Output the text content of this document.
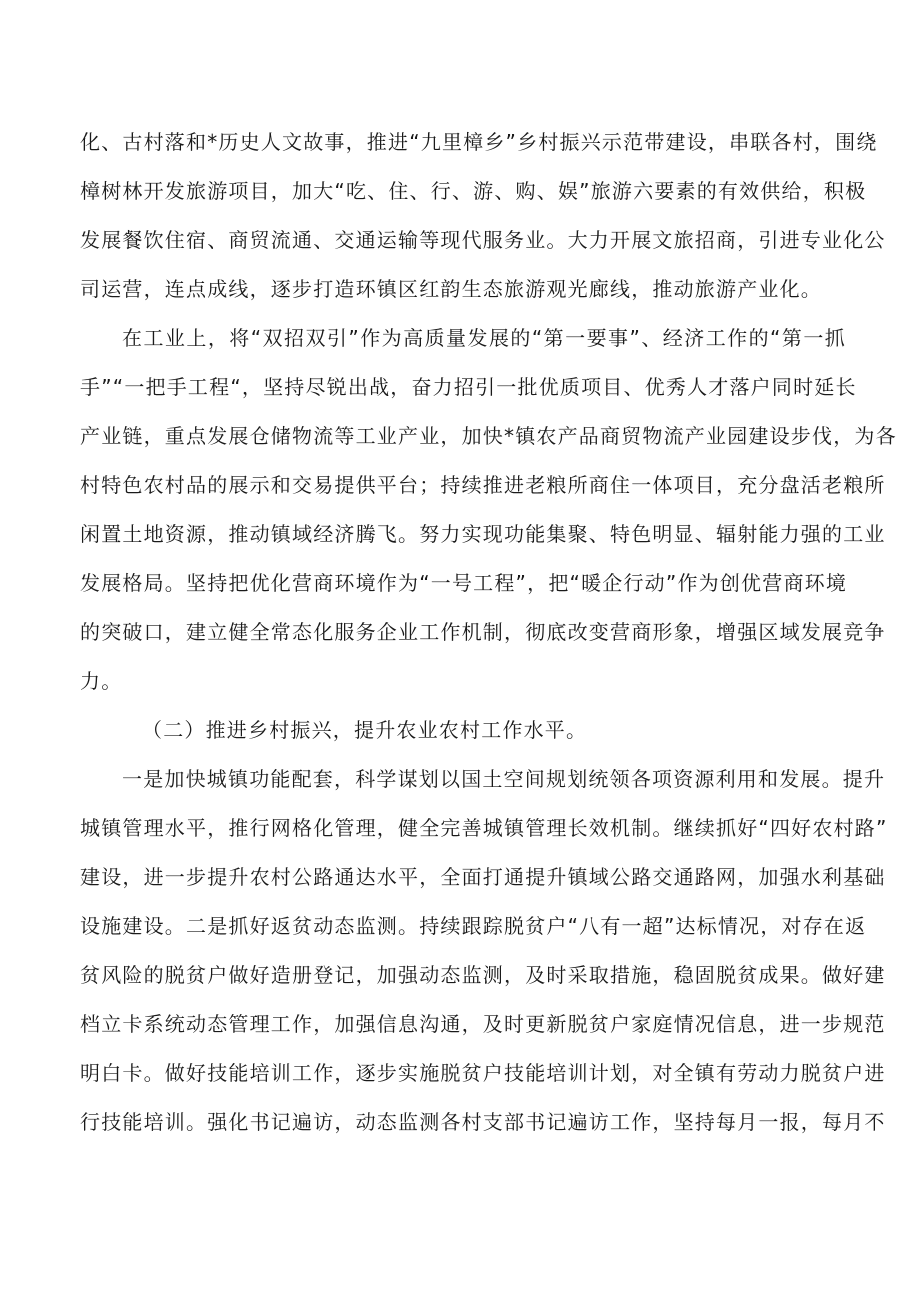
化、古村落和*历史人文故事，推进“九里樟乡”乡村振兴示范带建设，串联各村，围绕
樟树林开发旅游项目，加大“吃、住、行、游、购、娱”旅游六要素的有效供给，积极
发展餐饮住宿、商贸流通、交通运输等现代服务业。大力开展文旅招商，引进专业化公
司运营，连点成线，逐步打造环镇区红韵生态旅游观光廊线，推动旅游产业化。
在工业上，将“双招双引”作为高质量发展的“第一要事”、经济工作的“第一抓
手”“一把手工程“，坚持尽锐出战，奋力招引一批优质项目、优秀人才落户同时延长
产业链，重点发展仓储物流等工业产业，加快*镇农产品商贸物流产业园建设步伐，为各
村特色农村品的展示和交易提供平台；持续推进老粮所商住一体项目，充分盘活老粮所
闲置土地资源，推动镇域经济腾飞。努力实现功能集聚、特色明显、辐射能力强的工业
发展格局。坚持把优化营商环境作为“一号工程”，把“暖企行动”作为创优营商环境
的突破口，建立健全常态化服务企业工作机制，彻底改变营商形象，增强区域发展竞争
力。
（二）推进乡村振兴，提升农业农村工作水平。
一是加快城镇功能配套，科学谋划以国土空间规划统领各项资源利用和发展。提升
城镇管理水平，推行网格化管理，健全完善城镇管理长效机制。继续抓好“四好农村路”
建设，进一步提升农村公路通达水平，全面打通提升镇域公路交通路网，加强水利基础
设施建设。二是抓好返贫动态监测。持续跟踪脱贫户“八有一超”达标情况，对存在返
贫风险的脱贫户做好造册登记，加强动态监测，及时采取措施，稳固脱贫成果。做好建
档立卡系统动态管理工作，加强信息沟通，及时更新脱贫户家庭情况信息，进一步规范
明白卡。做好技能培训工作，逐步实施脱贫户技能培训计划，对全镇有劳动力脱贫户进
行技能培训。强化书记遍访，动态监测各村支部书记遍访工作，坚持每月一报，每月不
